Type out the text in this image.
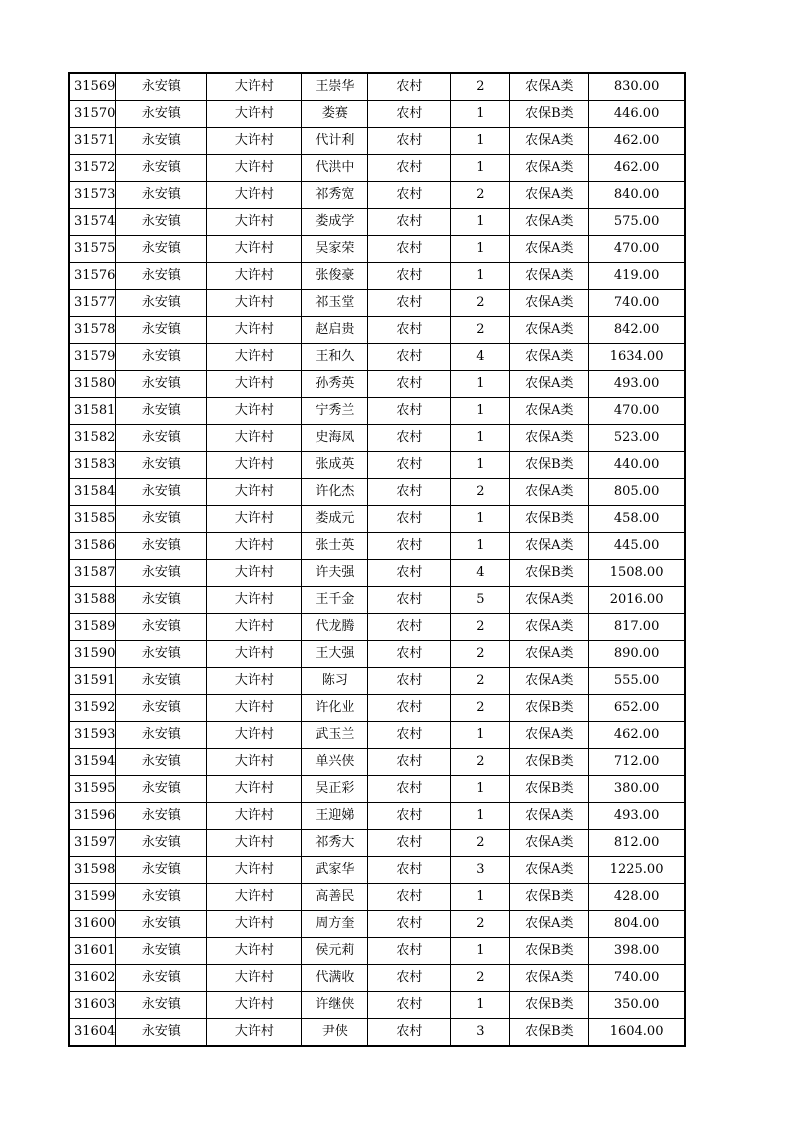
31569	永安镇	大许村	王崇华	农村	2	农保A类	830.00
31570	永安镇	大许村	娄赛	农村	1	农保B类	446.00
31571	永安镇	大许村	代计利	农村	1	农保A类	462.00
31572	永安镇	大许村	代洪中	农村	1	农保A类	462.00
31573	永安镇	大许村	祁秀宽	农村	2	农保A类	840.00
31574	永安镇	大许村	娄成学	农村	1	农保A类	575.00
31575	永安镇	大许村	吴家荣	农村	1	农保A类	470.00
31576	永安镇	大许村	张俊豪	农村	1	农保A类	419.00
31577	永安镇	大许村	祁玉堂	农村	2	农保A类	740.00
31578	永安镇	大许村	赵启贵	农村	2	农保A类	842.00
31579	永安镇	大许村	王和久	农村	4	农保A类	1634.00
31580	永安镇	大许村	孙秀英	农村	1	农保A类	493.00
31581	永安镇	大许村	宁秀兰	农村	1	农保A类	470.00
31582	永安镇	大许村	史海凤	农村	1	农保A类	523.00
31583	永安镇	大许村	张成英	农村	1	农保B类	440.00
31584	永安镇	大许村	许化杰	农村	2	农保A类	805.00
31585	永安镇	大许村	娄成元	农村	1	农保B类	458.00
31586	永安镇	大许村	张士英	农村	1	农保A类	445.00
31587	永安镇	大许村	许夫强	农村	4	农保B类	1508.00
31588	永安镇	大许村	王千金	农村	5	农保A类	2016.00
31589	永安镇	大许村	代龙腾	农村	2	农保A类	817.00
31590	永安镇	大许村	王大强	农村	2	农保A类	890.00
31591	永安镇	大许村	陈习	农村	2	农保A类	555.00
31592	永安镇	大许村	许化业	农村	2	农保B类	652.00
31593	永安镇	大许村	武玉兰	农村	1	农保A类	462.00
31594	永安镇	大许村	单兴侠	农村	2	农保B类	712.00
31595	永安镇	大许村	吴正彩	农村	1	农保B类	380.00
31596	永安镇	大许村	王迎娣	农村	1	农保A类	493.00
31597	永安镇	大许村	祁秀大	农村	2	农保A类	812.00
31598	永安镇	大许村	武家华	农村	3	农保A类	1225.00
31599	永安镇	大许村	高善民	农村	1	农保B类	428.00
31600	永安镇	大许村	周方奎	农村	2	农保A类	804.00
31601	永安镇	大许村	侯元莉	农村	1	农保B类	398.00
31602	永安镇	大许村	代满收	农村	2	农保A类	740.00
31603	永安镇	大许村	许继侠	农村	1	农保B类	350.00
31604	永安镇	大许村	尹侠	农村	3	农保B类	1604.00
